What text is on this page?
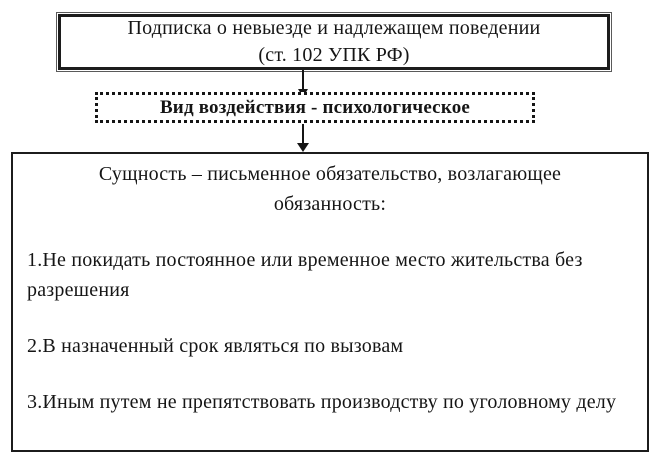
Подписка о невыезде и надлежащем поведении
(ст. 102 УПК РФ)
Вид воздействия - психологическое
Сущность – письменное обязательство, возлагающее обязанность:
1.Не покидать постоянное или временное место жительства без разрешения
2.В назначенный срок являться по вызовам
3.Иным путем не препятствовать производству по уголовному делу
